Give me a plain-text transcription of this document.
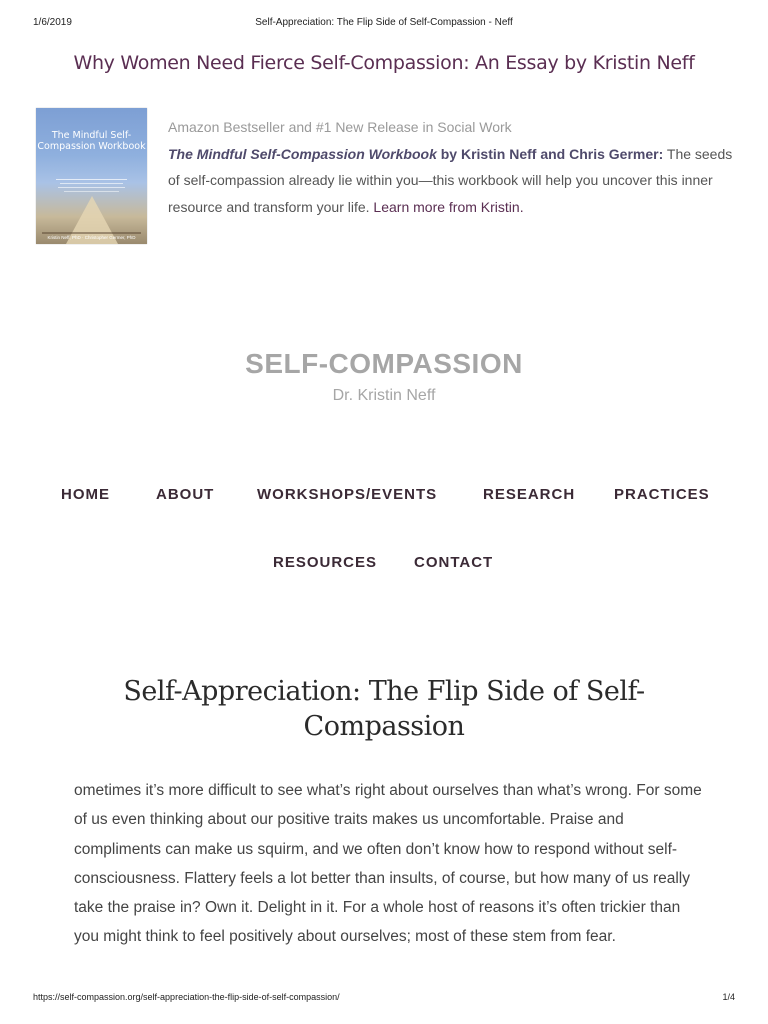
1/6/2019	Self-Appreciation: The Flip Side of Self-Compassion - Neff
Why Women Need Fierce Self-Compassion: An Essay by Kristin Neff
The Mindful Self-Compassion Workbook
Kristin Neff, PhD · Christopher Germer, PhD
Amazon Bestseller and #1 New Release in Social Work
The Mindful Self-Compassion Workbook by Kristin Neff and Chris Germer: The seeds of self-compassion already lie within you—this workbook will help you uncover this inner resource and transform your life. Learn more from Kristin.
SELF-COMPASSION
Dr. Kristin Neff
HOME	ABOUT	WORKSHOPS/EVENTS	RESEARCH	PRACTICES
RESOURCES CONTACT
Self-Appreciation: The Flip Side of Self-Compassion

ometimes it’s more difficult to see what’s right about ourselves than what’s wrong. For some of us even thinking about our positive traits makes us uncomfortable. Praise and compliments can make us squirm, and we often don’t know how to respond without self-consciousness. Flattery feels a lot better than insults, of course, but how many of us really take the praise in? Own it. Delight in it. For a whole host of reasons it’s often trickier than you might think to feel positively about ourselves; most of these stem from fear.

https://self-compassion.org/self-appreciation-the-flip-side-of-self-compassion/	1/4
